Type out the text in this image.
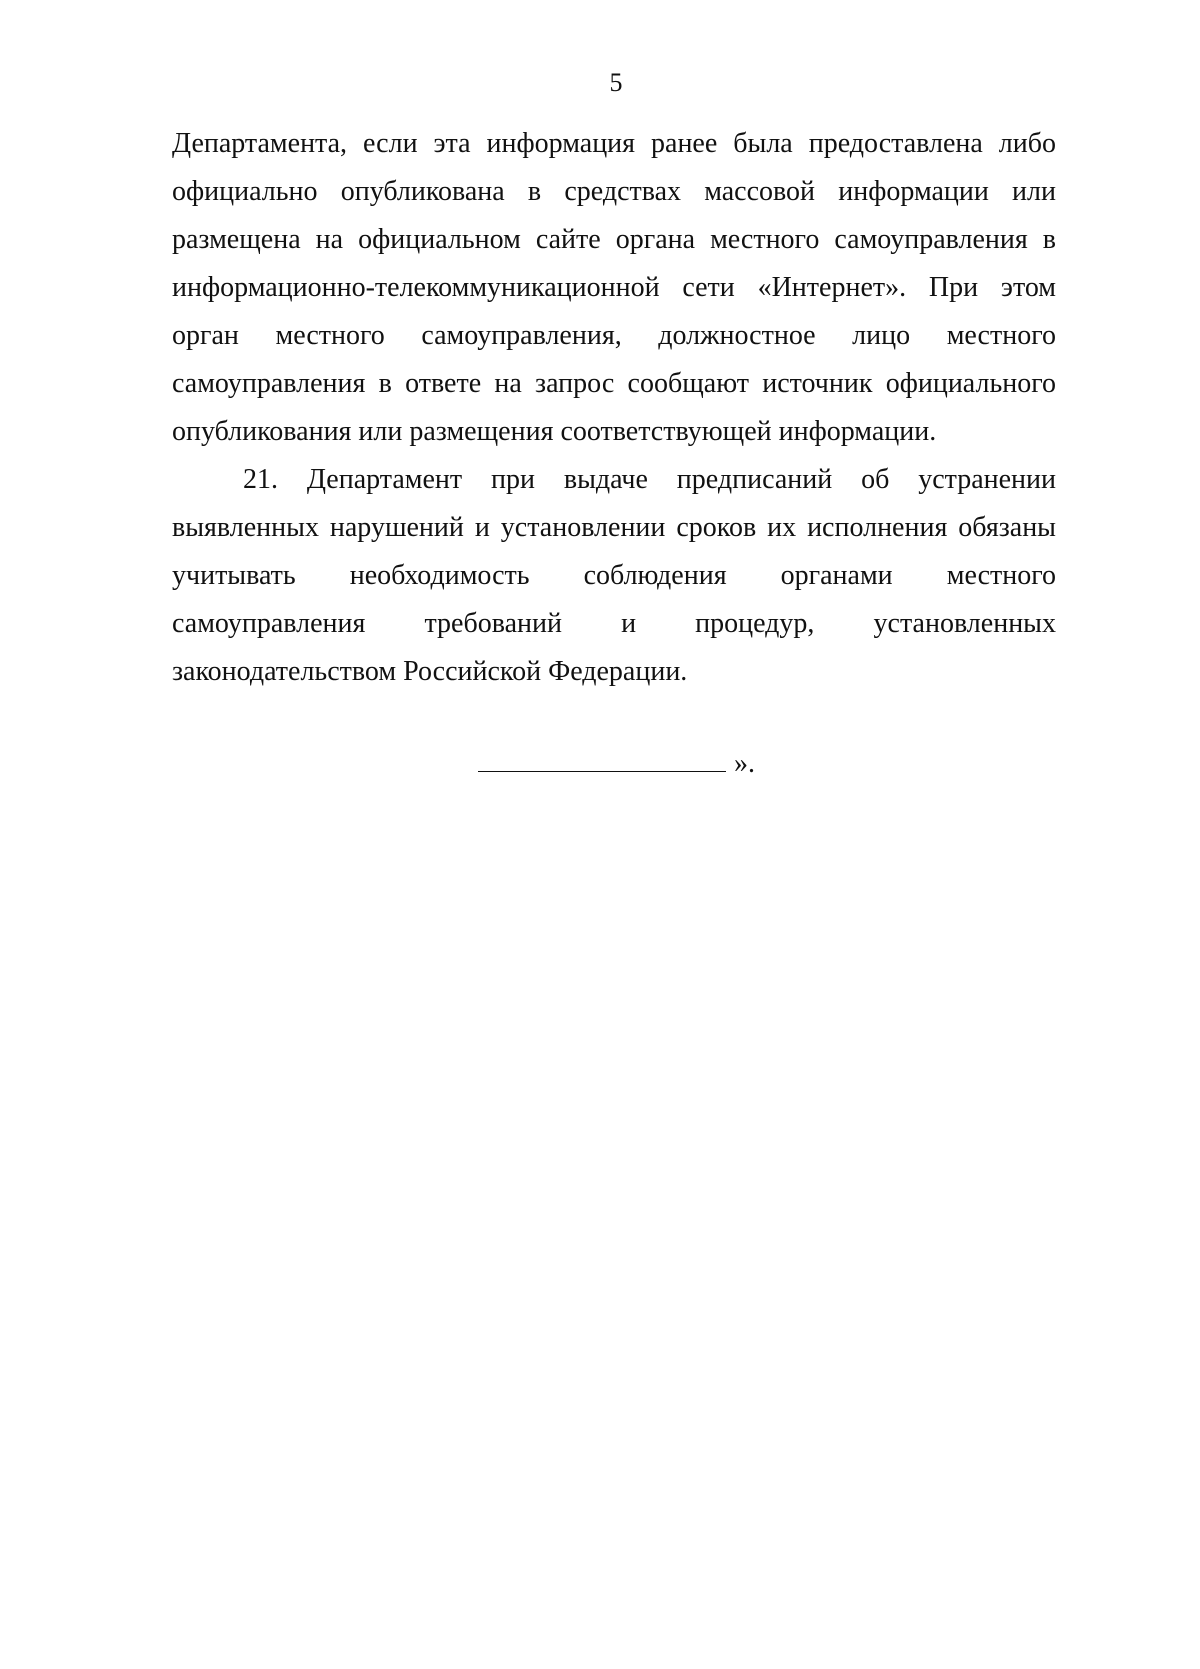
5

Департамента, если эта информация ранее была предоставлена либо официально опубликована в средствах массовой информации или размещена на официальном сайте органа местного самоуправления в информационно-телекоммуникационной сети «Интернет». При этом орган местного самоуправления, должностное лицо местного самоуправления в ответе на запрос сообщают источник официального опубликования или размещения соответствующей информации.

21. Департамент при выдаче предписаний об устранении выявленных нарушений и установлении сроков их исполнения обязаны учитывать необходимость соблюдения органами местного самоуправления требований и процедур, установленных законодательством Российской Федерации.

».
